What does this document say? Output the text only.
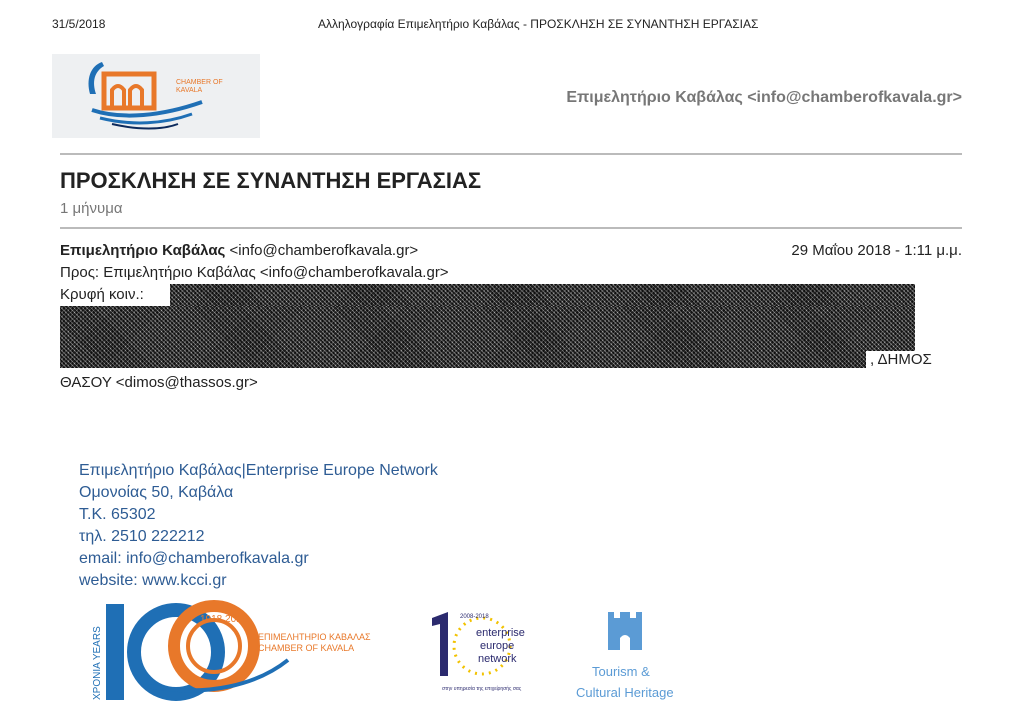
31/5/2018	Αλληλογραφία Επιμελητήριο Καβάλας - ΠΡΟΣΚΛΗΣΗ ΣΕ ΣΥΝΑΝΤΗΣΗ ΕΡΓΑΣΙΑΣ
CHAMBER OF
KAVALA	Επιμελητήριο Καβάλας <info@chamberofkavala.gr>
ΠΡΟΣΚΛΗΣΗ ΣΕ ΣΥΝΑΝΤΗΣΗ ΕΡΓΑΣΙΑΣ
1 μήνυμα
Επιμελητήριο Καβάλας <info@chamberofkavala.gr>	29 Μαΐου 2018 - 1:11 μ.μ.
Προς: Επιμελητήριο Καβάλας <info@chamberofkavala.gr>
Κρυφή κοιν.:
, ΔΗΜΟΣ
ΘΑΣΟΥ <dimos@thassos.gr>
Επιμελητήριο Καβάλας|Enterprise Europe Network
Ομονοίας 50, Καβάλα
Τ.Κ. 65302
τηλ. 2510 222212
email: info@chamberofkavala.gr
website: www.kcci.gr
XPONIA YEARS
1918 2018
ΕΠΙΜΕΛΗΤΗΡΙΟ ΚΑΒΑΛΑΣ
CHAMBER OF KAVALA
2008-2018
enterprise
europe
network
στην υπηρεσία της επιχείρησής σας
Tourism &
Cultural Heritage
